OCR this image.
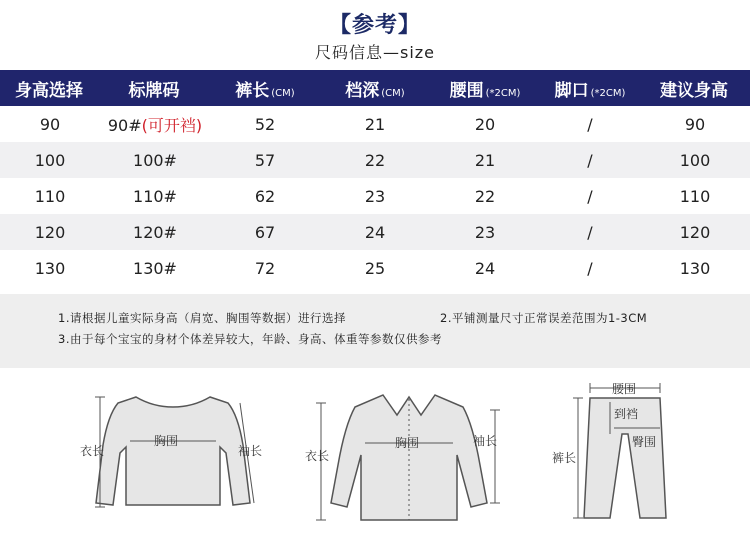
【参考】
尺码信息—size
身高选择	标牌码	裤长 (CM)	档深 (CM)	腰围 (*2CM)	脚口 (*2CM)	建议身高
90	90#(可开裆)	52	21	20	/	90
100	100#	57	22	21	/	100
110	110#	62	23	22	/	110
120	120#	67	24	23	/	120
130	130#	72	25	24	/	130
1.请根据儿童实际身高（肩宽、胸围等数据）进行选择	2.平铺测量尺寸正常误差范围为1-3CM
3.由于每个宝宝的身材个体差异较大，年龄、身高、体重等参数仅供参考
衣长
胸围
袖长	衣长
胸围	袖长
腰围
裤长
到裆
臀围
